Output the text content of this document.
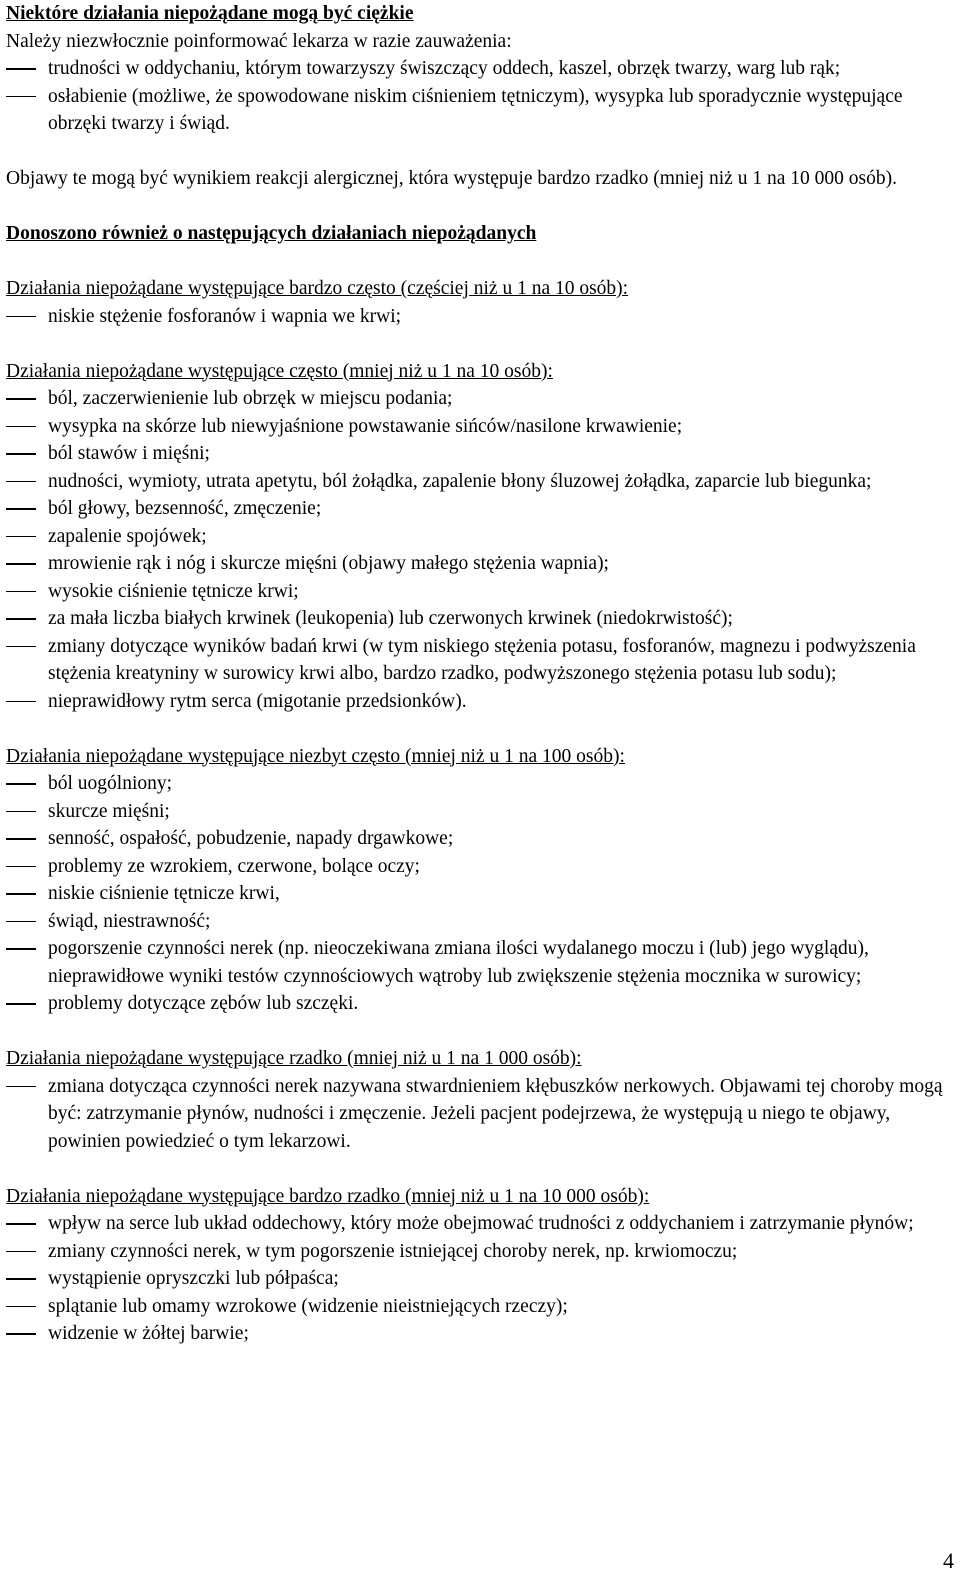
Niektóre działania niepożądane mogą być ciężkie

Należy niezwłocznie poinformować lekarza w razie zauważenia:

trudności w oddychaniu, którym towarzyszy świszczący oddech, kaszel, obrzęk twarzy, warg lub rąk;
osłabienie (możliwe, że spowodowane niskim ciśnieniem tętniczym), wysypka lub sporadycznie występujące obrzęki twarzy i świąd.

Objawy te mogą być wynikiem reakcji alergicznej, która występuje bardzo rzadko (mniej niż u 1 na 10 000 osób).

Donoszono również o następujących działaniach niepożądanych

Działania niepożądane występujące bardzo często (częściej niż u 1 na 10 osób):

niskie stężenie fosforanów i wapnia we krwi;

Działania niepożądane występujące często (mniej niż u 1 na 10 osób):

ból, zaczerwienienie lub obrzęk w miejscu podania;
wysypka na skórze lub niewyjaśnione powstawanie sińców/nasilone krwawienie;
ból stawów i mięśni;
nudności, wymioty, utrata apetytu, ból żołądka, zapalenie błony śluzowej żołądka, zaparcie lub biegunka;
ból głowy, bezsenność, zmęczenie;
zapalenie spojówek;
mrowienie rąk i nóg i skurcze mięśni (objawy małego stężenia wapnia);
wysokie ciśnienie tętnicze krwi;
za mała liczba białych krwinek (leukopenia) lub czerwonych krwinek (niedokrwistość);
zmiany dotyczące wyników badań krwi (w tym niskiego stężenia potasu, fosforanów, magnezu i podwyższenia stężenia kreatyniny w surowicy krwi albo, bardzo rzadko, podwyższonego stężenia potasu lub sodu);
nieprawidłowy rytm serca (migotanie przedsionków).

Działania niepożądane występujące niezbyt często (mniej niż u 1 na 100 osób):

ból uogólniony;
skurcze mięśni;
senność, ospałość, pobudzenie, napady drgawkowe;
problemy ze wzrokiem, czerwone, bolące oczy;
niskie ciśnienie tętnicze krwi,
świąd, niestrawność;
pogorszenie czynności nerek (np. nieoczekiwana zmiana ilości wydalanego moczu i (lub) jego wyglądu), nieprawidłowe wyniki testów czynnościowych wątroby lub zwiększenie stężenia mocznika w surowicy;
problemy dotyczące zębów lub szczęki.

Działania niepożądane występujące rzadko (mniej niż u 1 na 1 000 osób):

zmiana dotycząca czynności nerek nazywana stwardnieniem kłębuszków nerkowych. Objawami tej choroby mogą być: zatrzymanie płynów, nudności i zmęczenie. Jeżeli pacjent podejrzewa, że występują u niego te objawy, powinien powiedzieć o tym lekarzowi.

Działania niepożądane występujące bardzo rzadko (mniej niż u 1 na 10 000 osób):

wpływ na serce lub układ oddechowy, który może obejmować trudności z oddychaniem i zatrzymanie płynów;
zmiany czynności nerek, w tym pogorszenie istniejącej choroby nerek, np. krwiomoczu;
wystąpienie opryszczki lub półpaśca;
splątanie lub omamy wzrokowe (widzenie nieistniejących rzeczy);
widzenie w żółtej barwie;
4
